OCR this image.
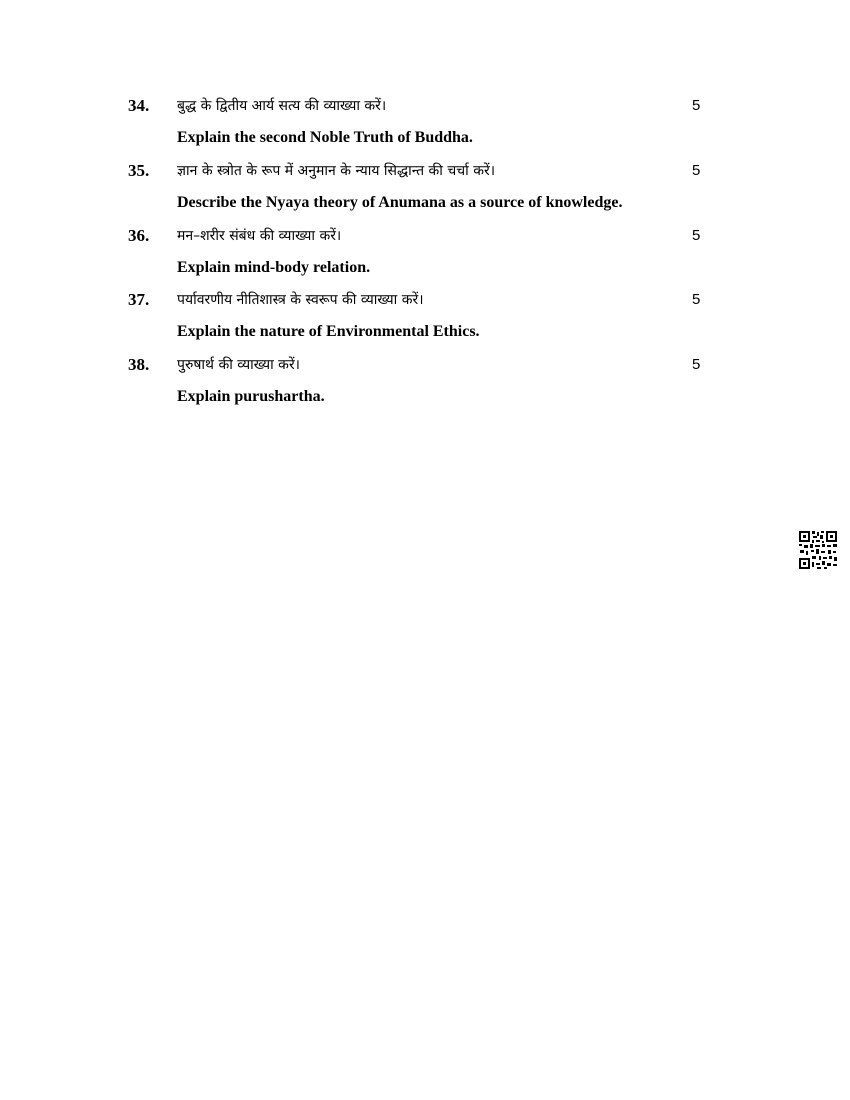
34. बुद्ध के द्वितीय आर्य सत्य की व्याख्या करें।	5
Explain the second Noble Truth of Buddha.
35. ज्ञान के स्त्रोत के रूप में अनुमान के न्याय सिद्धान्त की चर्चा करें।	5
Describe the Nyaya theory of Anumana as a source of knowledge.
36. मन–शरीर संबंध की व्याख्या करें।	5
Explain mind-body relation.
37. पर्यावरणीय नीतिशास्त्र के स्वरूप की व्याख्या करें।	5
Explain the nature of Environmental Ethics.
38. पुरुषार्थ की व्याख्या करें।	5
Explain purushartha.
